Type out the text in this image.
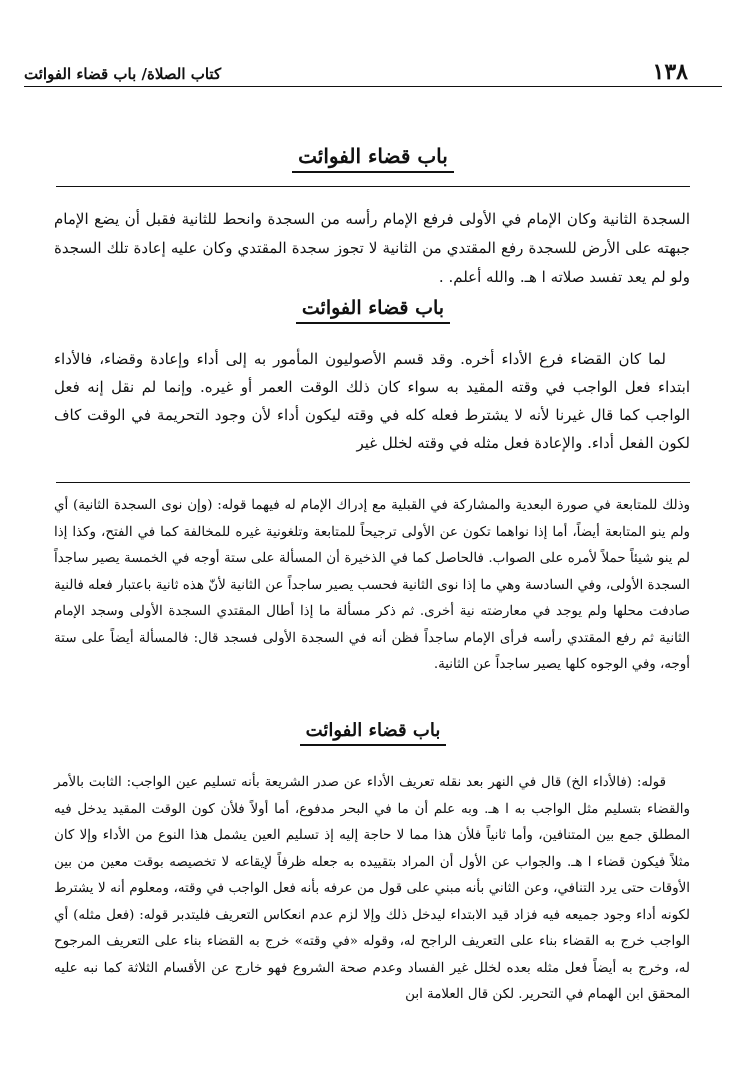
١٣٨
كتاب الصلاة/ باب قضاء الفوائت
باب قضاء الفوائت

السجدة الثانية وكان الإمام في الأولى فرفع الإمام رأسه من السجدة وانحط للثانية فقبل أن يضع الإمام جبهته على الأرض للسجدة رفع المقتدي من الثانية لا تجوز سجدة المقتدي وكان عليه إعادة تلك السجدة ولو لم يعد تفسد صلاته ا هـ. والله أعلم. .

باب قضاء الفوائت

لما كان القضاء فرع الأداء أخره. وقد قسم الأصوليون المأمور به إلى أداء وإعادة وقضاء، فالأداء ابتداء فعل الواجب في وقته المقيد به سواء كان ذلك الوقت العمر أو غيره. وإنما لم نقل إنه فعل الواجب كما قال غيرنا لأنه لا يشترط فعله كله في وقته ليكون أداء لأن وجود التحريمة في الوقت كاف لكون الفعل أداء. والإعادة فعل مثله في وقته لخلل غير

وذلك للمتابعة في صورة البعدية والمشاركة في القبلية مع إدراك الإمام له فيهما قوله: (وإن نوى السجدة الثانية) أي ولم ينو المتابعة أيضاً، أما إذا نواهما تكون عن الأولى ترجيحاً للمتابعة وتلغونية غيره للمخالفة كما في الفتح، وكذا إذا لم ينو شيئاً حملاً لأمره على الصواب. فالحاصل كما في الذخيرة أن المسألة على ستة أوجه في الخمسة يصير ساجداً السجدة الأولى، وفي السادسة وهي ما إذا نوى الثانية فحسب يصير ساجداً عن الثانية لأنّ هذه ثانية باعتبار فعله فالنية صادفت محلها ولم يوجد في معارضته نية أخرى. ثم ذكر مسألة ما إذا أطال المقتدي السجدة الأولى وسجد الإمام الثانية ثم رفع المقتدي رأسه فرأى الإمام ساجداً فظن أنه في السجدة الأولى فسجد قال: فالمسألة أيضاً على ستة أوجه، وفي الوجوه كلها يصير ساجداً عن الثانية.

باب قضاء الفوائت

قوله: (فالأداء الخ) قال في النهر بعد نقله تعريف الأداء عن صدر الشريعة بأنه تسليم عين الواجب: الثابت بالأمر والقضاء بتسليم مثل الواجب به ا هـ. وبه علم أن ما في البحر مدفوع، أما أولاً فلأن كون الوقت المقيد يدخل فيه المطلق جمع بين المتنافين، وأما ثانياً فلأن هذا مما لا حاجة إليه إذ تسليم العين يشمل هذا النوع من الأداء وإلا كان مثلاً فيكون قضاء ا هـ. والجواب عن الأول أن المراد بتقييده به جعله ظرفاً لإيقاعه لا تخصيصه بوقت معين من بين الأوقات حتى يرد التنافي، وعن الثاني بأنه مبني على قول من عرفه بأنه فعل الواجب في وقته، ومعلوم أنه لا يشترط لكونه أداء وجود جميعه فيه فزاد قيد الابتداء ليدخل ذلك وإلا لزم عدم انعكاس التعريف فليتدبر قوله: (فعل مثله) أي الواجب خرج به القضاء بناء على التعريف الراجح له، وقوله «في وقته» خرج به القضاء بناء على التعريف المرجوح له، وخرج به أيضاً فعل مثله بعده لخلل غير الفساد وعدم صحة الشروع فهو خارج عن الأقسام الثلاثة كما نبه عليه المحقق ابن الهمام في التحرير. لكن قال العلامة ابن
